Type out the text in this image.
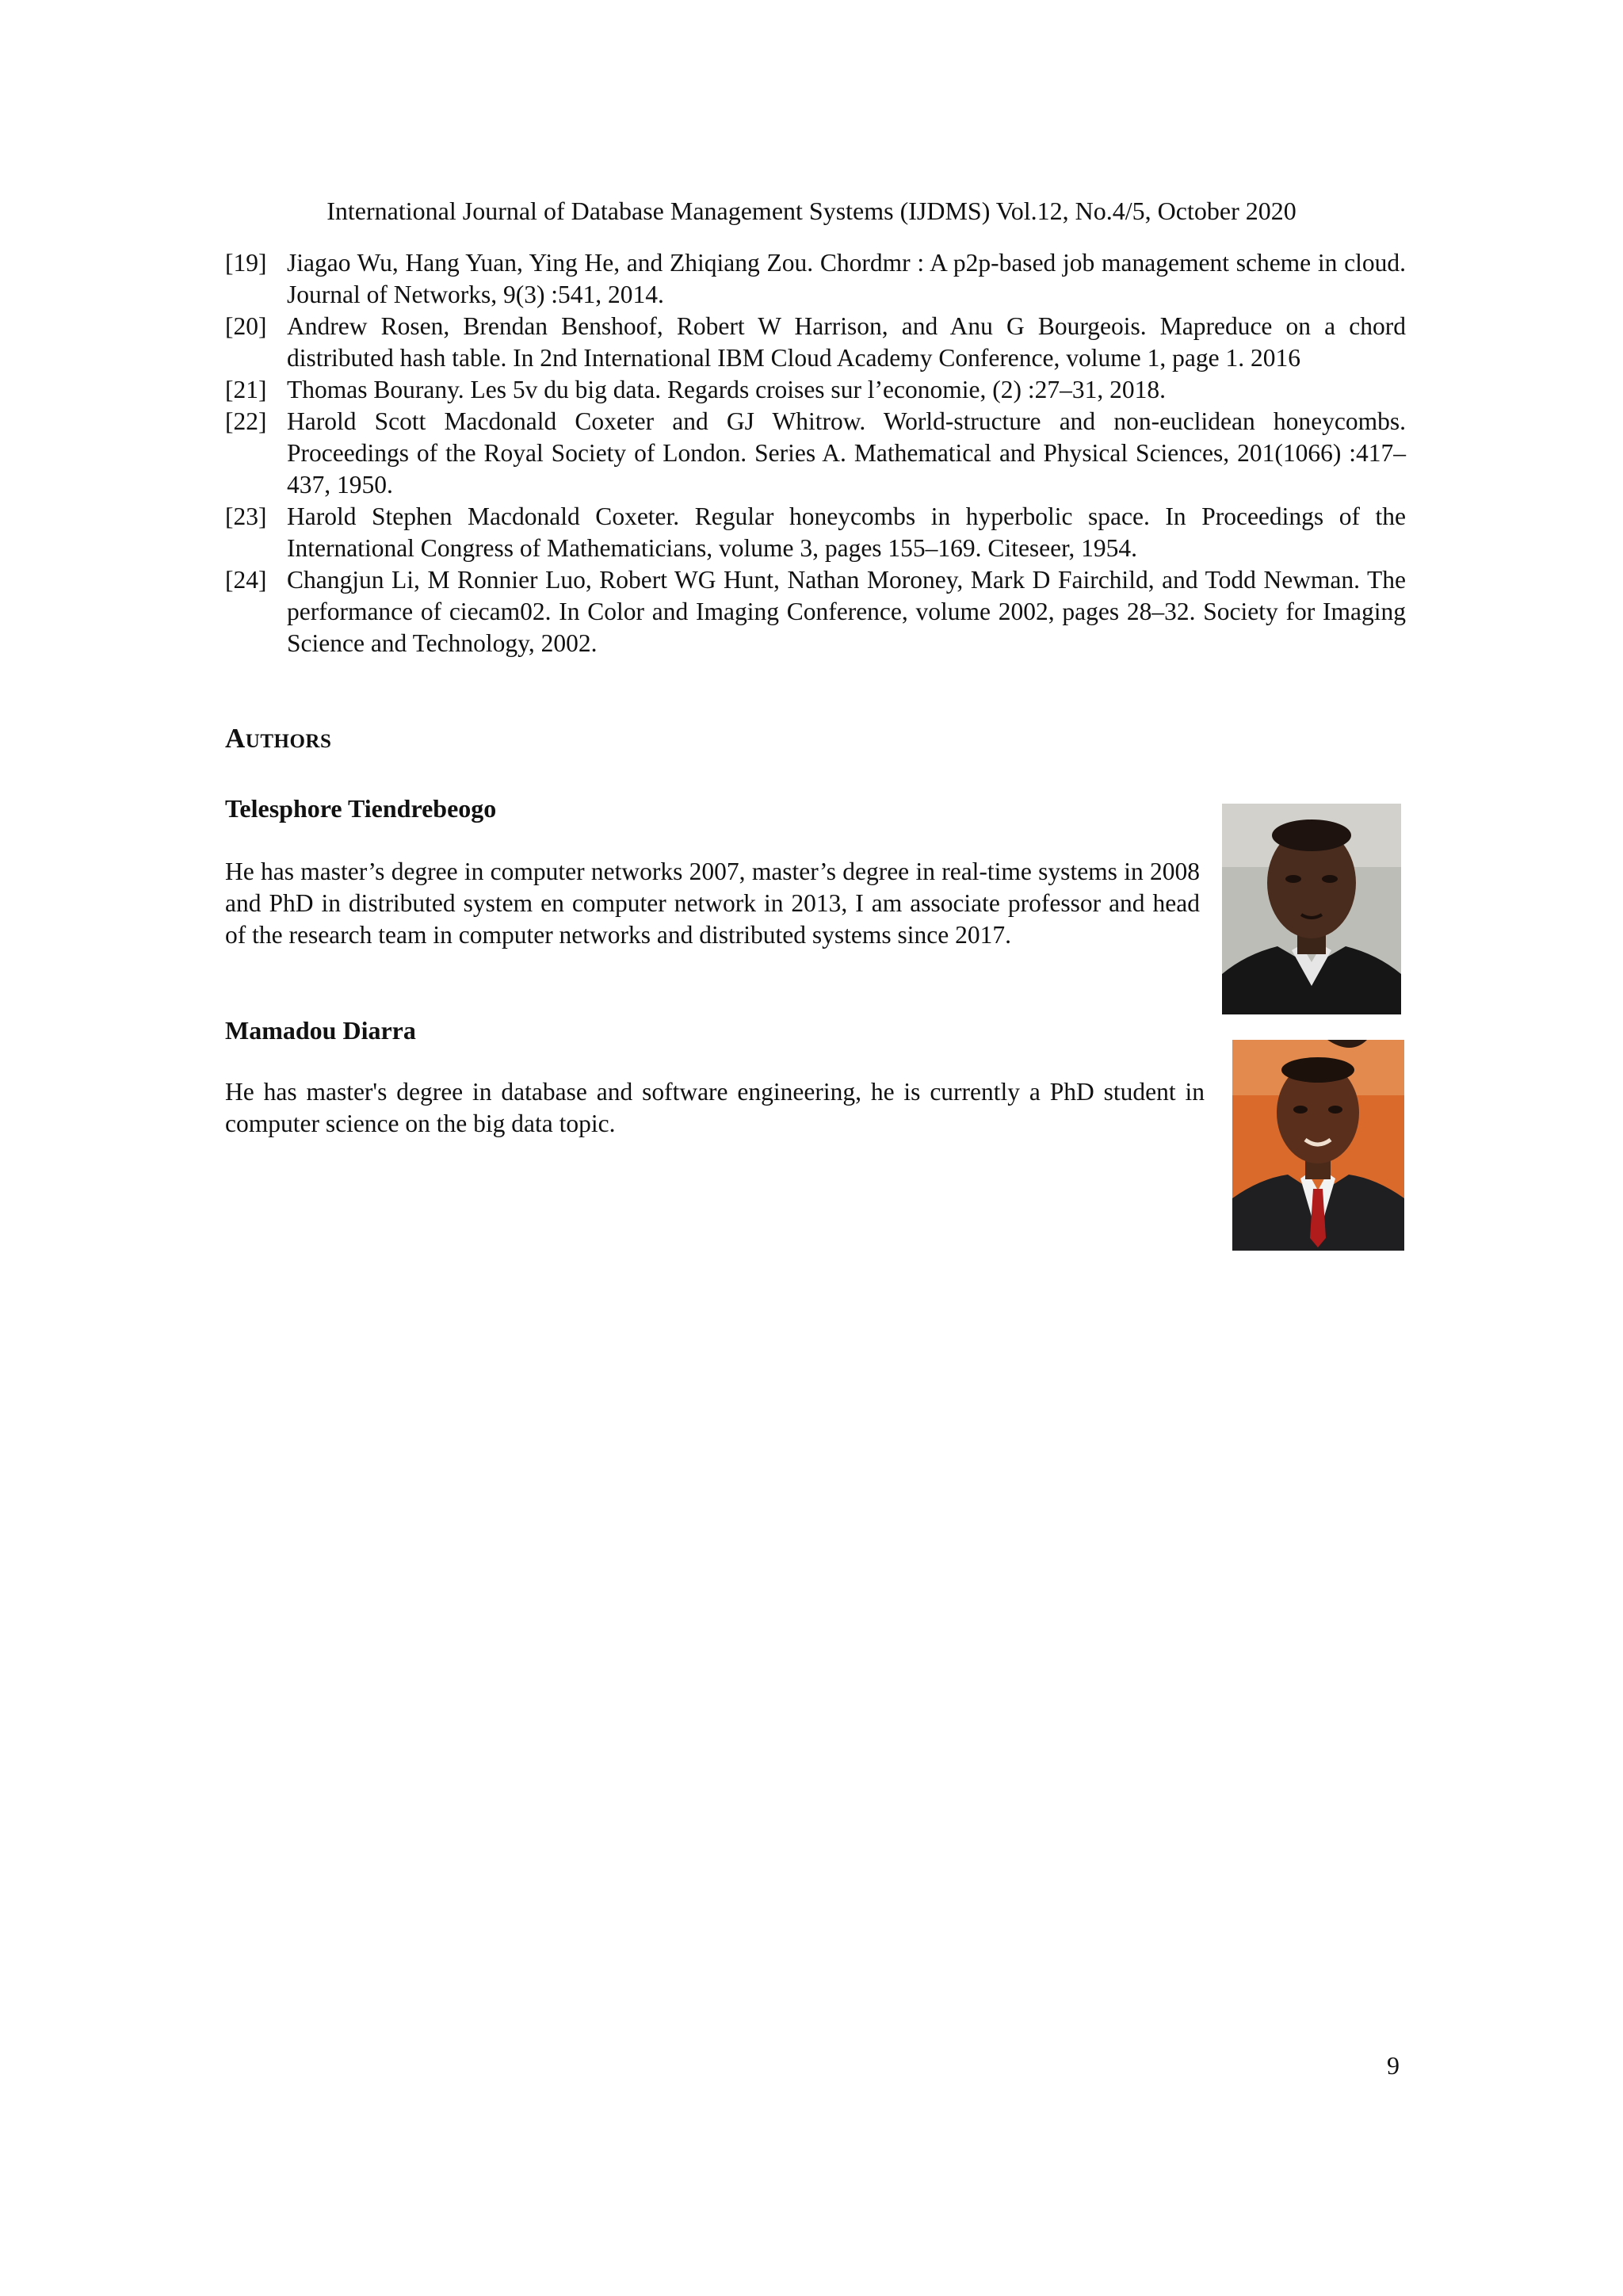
International Journal of Database Management Systems (IJDMS) Vol.12, No.4/5, October 2020

[19] Jiagao Wu, Hang Yuan, Ying He, and Zhiqiang Zou. Chordmr : A p2p-based job management scheme in cloud. Journal of Networks, 9(3) :541, 2014.

[20] Andrew Rosen, Brendan Benshoof, Robert W Harrison, and Anu G Bourgeois. Mapreduce on a chord distributed hash table. In 2nd International IBM Cloud Academy Conference, volume 1, page 1. 2016

[21] Thomas Bourany. Les 5v du big data. Regards croises sur l’economie, (2) :27–31, 2018.

[22] Harold Scott Macdonald Coxeter and GJ Whitrow. World-structure and non-euclidean honeycombs. Proceedings of the Royal Society of London. Series A. Mathematical and Physical Sciences, 201(1066) :417–437, 1950.

[23] Harold Stephen Macdonald Coxeter. Regular honeycombs in hyperbolic space. In Proceedings of the International Congress of Mathematicians, volume 3, pages 155–169. Citeseer, 1954.

[24] Changjun Li, M Ronnier Luo, Robert WG Hunt, Nathan Moroney, Mark D Fairchild, and Todd Newman. The performance of ciecam02. In Color and Imaging Conference, volume 2002, pages 28–32. Society for Imaging Science and Technology, 2002.

Authors
Telesphore Tiendrebeogo
He has master’s degree in computer networks 2007, master’s degree in real-time systems in 2008 and PhD in distributed system en computer network in 2013, I am associate professor and head of the research team in computer networks and distributed systems since 2017.
Mamadou Diarra
He has master's degree in database and software engineering, he is currently a PhD student in computer science on the big data topic.
9
